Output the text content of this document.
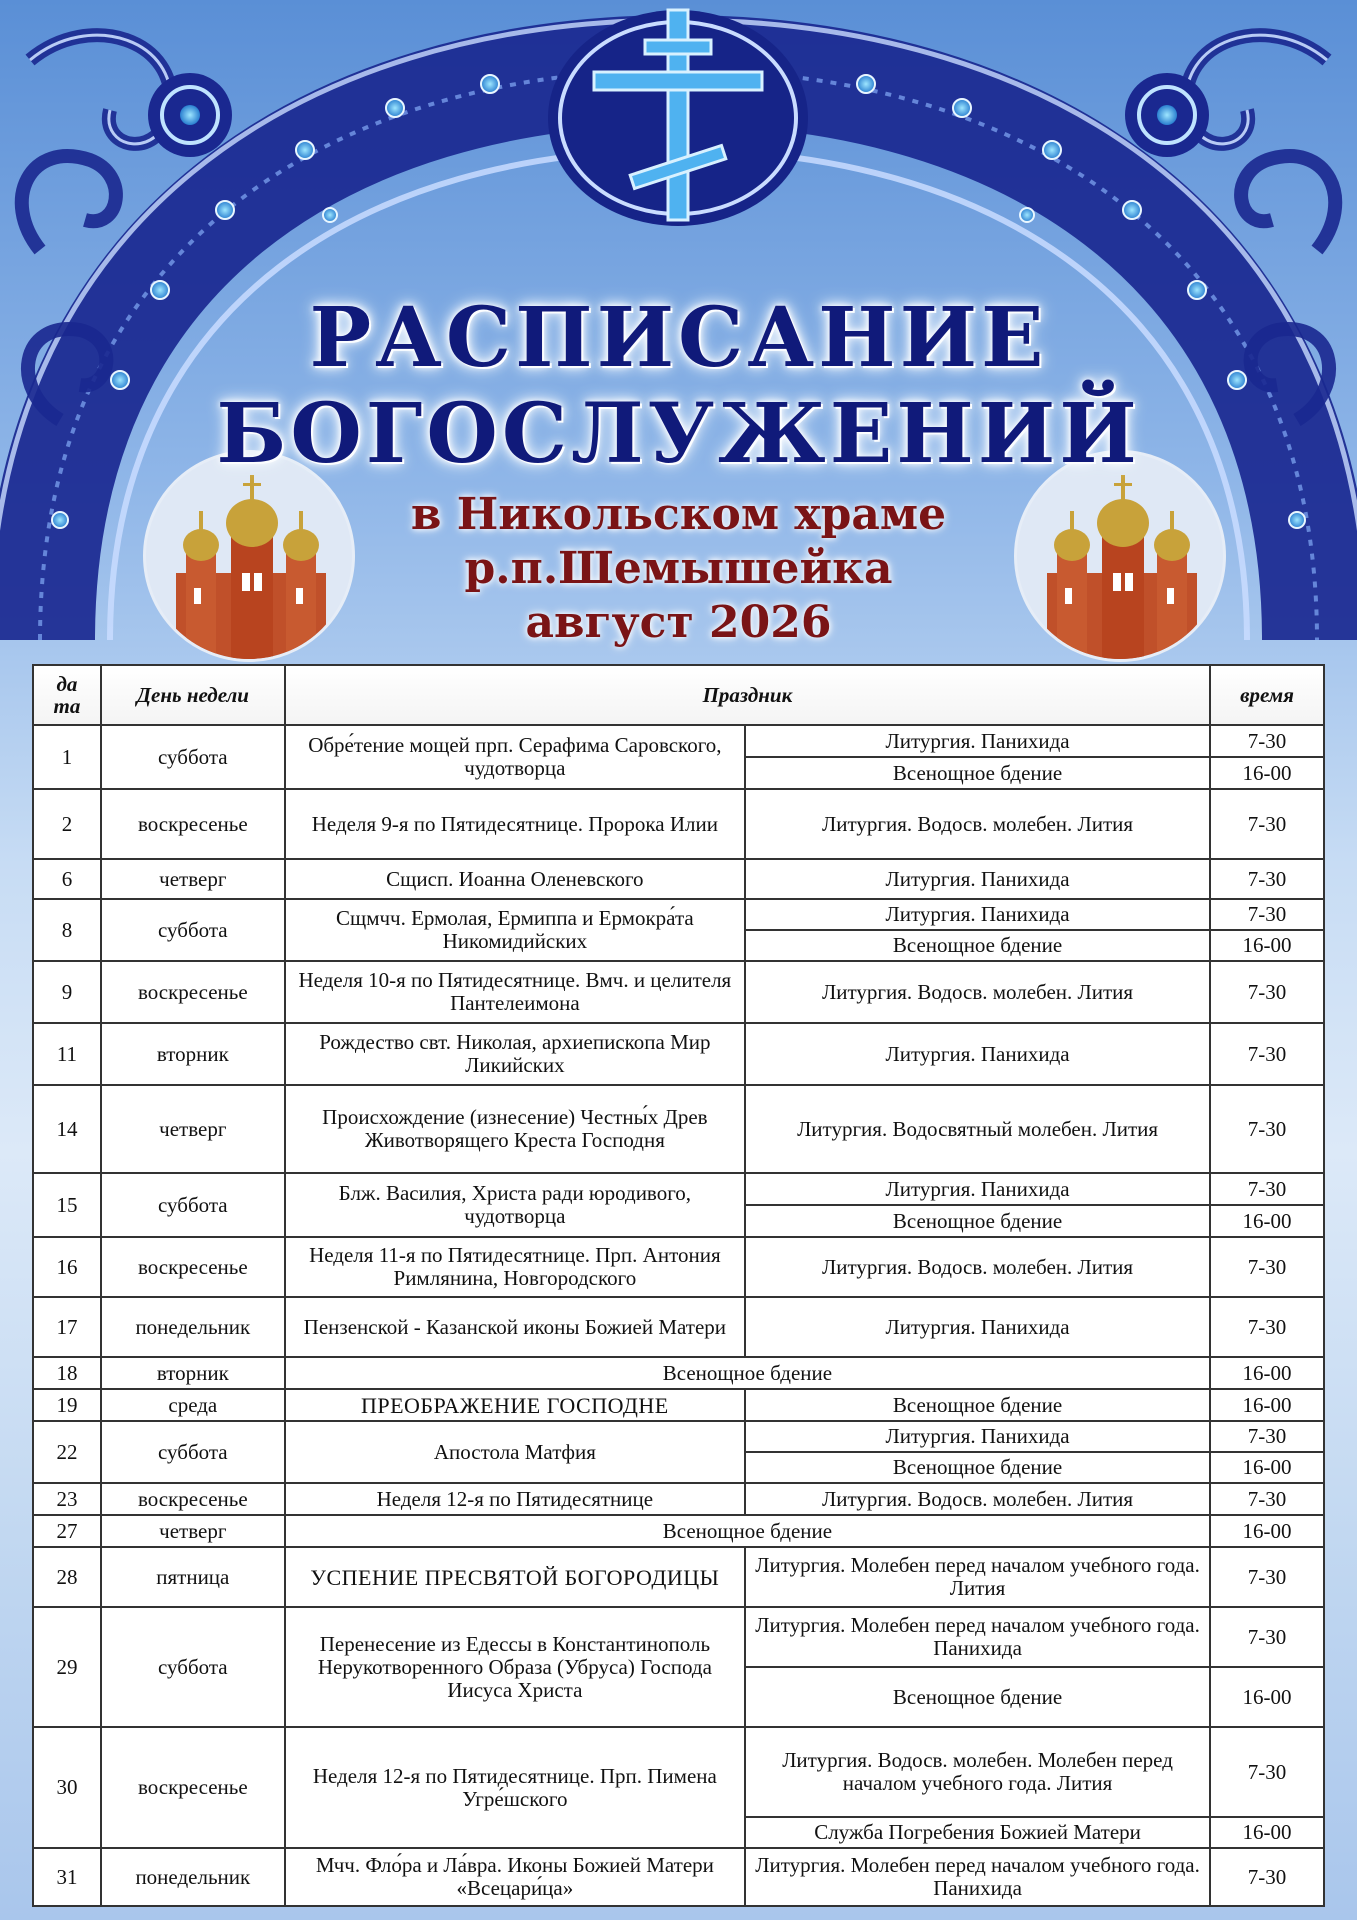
РАСПИСАНИЕ
БОГОСЛУЖЕНИЙ
в Никольском храме
р.п.Шемышейка
август 2026
да
та	День недели	Праздник		время
1	суббота	Обре́тение мощей прп. Серафима Саровского, чудотворца	Литургия. Панихида	7-30
			Всенощное бдение	16-00
2	воскресенье	Неделя 9-я по Пятидесятнице. Пророка Илии	Литургия. Водосв. молебен. Лития	7-30
6	четверг	Сщисп. Иоанна Оленевского	Литургия. Панихида	7-30
8	суббота	Сщмчч. Ермолая, Ермиппа и Ермокра́та Никомидийских	Литургия. Панихида	7-30
			Всенощное бдение	16-00
9	воскресенье	Неделя 10-я по Пятидесятнице. Вмч. и целителя Пантелеимона	Литургия. Водосв. молебен. Лития	7-30
11	вторник	Рождество свт. Николая, архиепископа Мир Ликийских	Литургия. Панихида	7-30
14	четверг	Происхождение (изнесение) Честны́х Древ Животворящего Креста Господня	Литургия. Водосвятный молебен. Лития	7-30
15	суббота	Блж. Василия, Христа ради юродивого, чудотворца	Литургия. Панихида	7-30
			Всенощное бдение	16-00
16	воскресенье	Неделя 11-я по Пятидесятнице. Прп. Антония Римлянина, Новгородского	Литургия. Водосв. молебен. Лития	7-30
17	понедельник	Пензенской - Казанской иконы Божией Матери	Литургия. Панихида	7-30
18	вторник	Всенощное бдение		16-00
19	среда	ПРЕОБРАЖЕНИЕ ГОСПОДНЕ	Всенощное бдение	16-00
22	суббота	Апостола Матфия	Литургия. Панихида	7-30
			Всенощное бдение	16-00
23	воскресенье	Неделя 12-я по Пятидесятнице	Литургия. Водосв. молебен. Лития	7-30
27	четверг	Всенощное бдение		16-00
28	пятница	УСПЕНИЕ ПРЕСВЯТОЙ БОГОРОДИЦЫ	Литургия. Молебен перед началом учебного года. Лития	7-30
29	суббота	Перенесение из Едессы в Константинополь Нерукотворенного Образа (Убруса) Господа Иисуса Христа	Литургия. Молебен перед началом учебного года. Панихида	7-30
			Всенощное бдение	16-00
30	воскресенье	Неделя 12-я по Пятидесятнице. Прп. Пимена Угре́шского	Литургия. Водосв. молебен. Молебен перед началом учебного года. Лития	7-30
			Служба Погребения Божией Матери	16-00
31	понедельник	Мчч. Фло́ра и Ла́вра. Иконы Божией Матери «Всецари́ца»	Литургия. Молебен перед началом учебного года. Панихида	7-30
